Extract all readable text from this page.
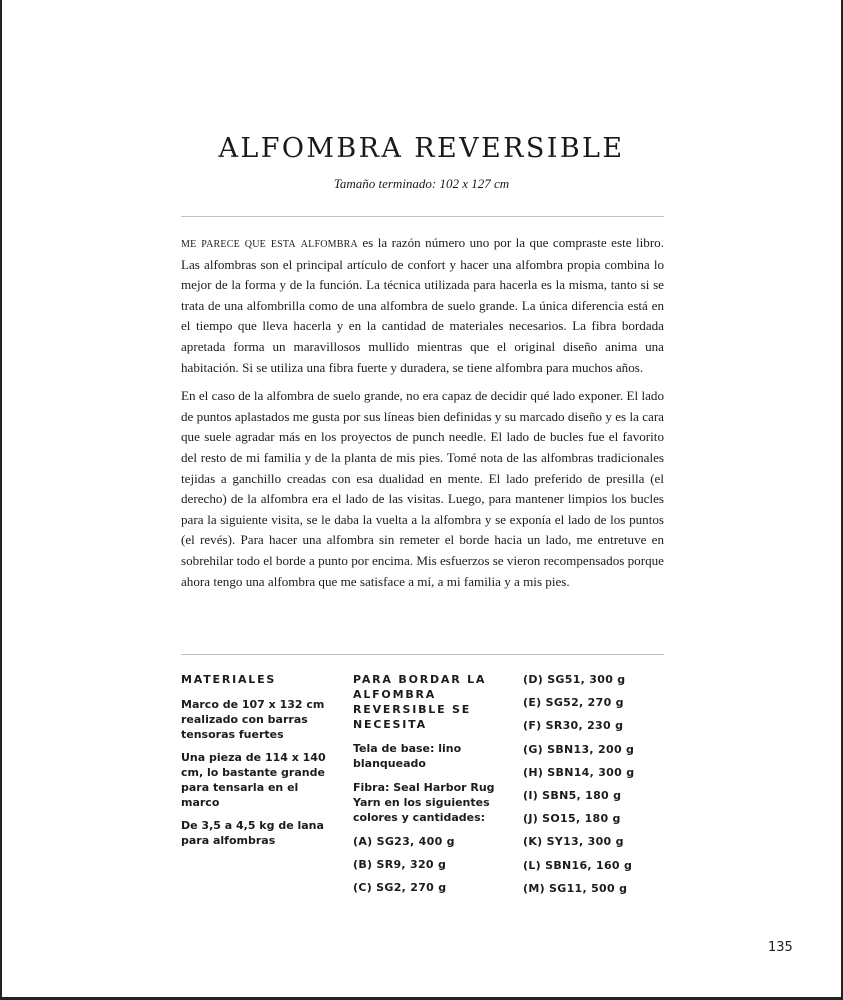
ALFOMBRA REVERSIBLE
Tamaño terminado: 102 x 127 cm

me parece que esta alfombra es la razón número uno por la que compraste este libro. Las alfombras son el principal artículo de confort y hacer una alfombra propia combina lo mejor de la forma y de la función. La técnica utilizada para hacerla es la misma, tanto si se trata de una alfombrilla como de una alfombra de suelo grande. La única diferencia está en el tiempo que lleva hacerla y en la cantidad de materiales necesarios. La fibra bordada apretada forma un maravillosos mullido mientras que el original diseño anima una habitación. Si se utiliza una fibra fuerte y duradera, se tiene alfombra para muchos años.

En el caso de la alfombra de suelo grande, no era capaz de decidir qué lado exponer. El lado de puntos aplastados me gusta por sus líneas bien definidas y su marcado diseño y es la cara que suele agradar más en los proyectos de punch needle. El lado de bucles fue el favorito del resto de mi familia y de la planta de mis pies. Tomé nota de las alfombras tradicionales tejidas a ganchillo creadas con esa dualidad en mente. El lado preferido de presilla (el derecho) de la alfombra era el lado de las visitas. Luego, para mantener limpios los bucles para la siguiente visita, se le daba la vuelta a la alfombra y se exponía el lado de los puntos (el revés). Para hacer una alfombra sin remeter el borde hacia un lado, me entretuve en sobrehilar todo el borde a punto por encima. Mis esfuerzos se vieron recompensados porque ahora tengo una alfombra que me satisface a mí, a mi familia y a mis pies.

MATERIALES
Marco de 107 x 132 cm realizado con barras tensoras fuertes
Una pieza de 114 x 140 cm, lo bastante grande para tensarla en el marco
De 3,5 a 4,5 kg de lana para alfombras
PARA BORDAR LA ALFOMBRA REVERSIBLE SE NECESITA
Tela de base: lino blanqueado
Fibra: Seal Harbor Rug Yarn en los siguientes colores y cantidades:
(A) SG23, 400 g
(B) SR9, 320 g
(C) SG2, 270 g
(D) SG51, 300 g
(E) SG52, 270 g
(F) SR30, 230 g
(G) SBN13, 200 g
(H) SBN14, 300 g
(I) SBN5, 180 g
(J) SO15, 180 g
(K) SY13, 300 g
(L) SBN16, 160 g
(M) SG11, 500 g
135
